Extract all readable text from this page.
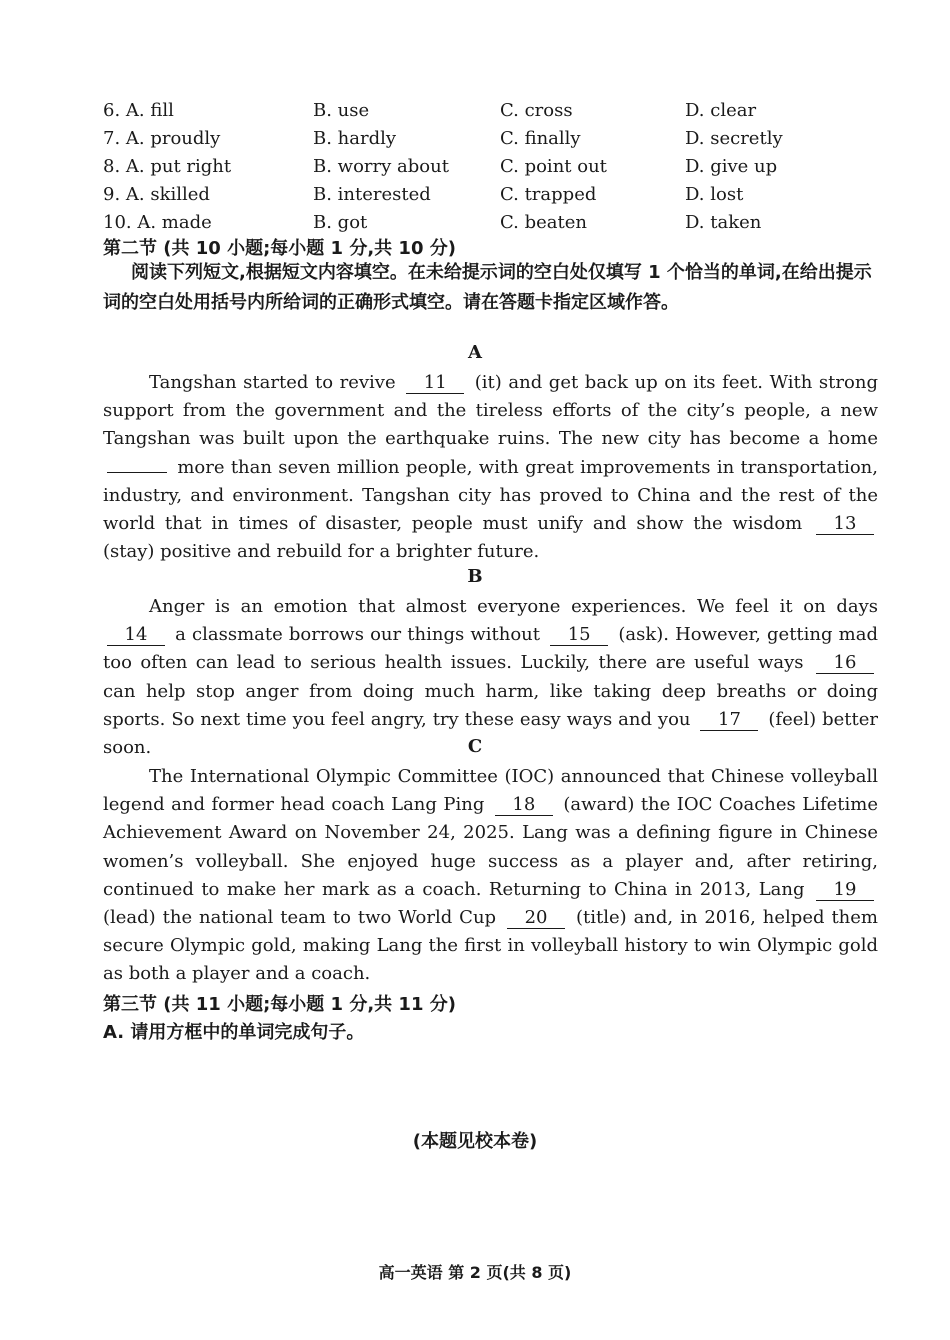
6. A. fill	B. use	C. cross	D. clear
7. A. proudly	B. hardly	C. finally	D. secretly
8. A. put right	B. worry about	C. point out	D. give up
9. A. skilled	B. interested	C. trapped	D. lost
10. A. made	B. got	C. beaten	D. taken
第二节 (共 10 小题;每小题 1 分,共 10 分)
阅读下列短文,根据短文内容填空。在未给提示词的空白处仅填写 1 个恰当的单词,在给出提示词的空白处用括号内所给词的正确形式填空。请在答题卡指定区域作答。
A
Tangshan started to revive 11 (it) and get back up on its feet. With strong support from the government and the tireless efforts of the city’s people, a new Tangshan was built upon the earthquake ruins. The new city has become a home  more than seven million people, with great improvements in transportation, industry, and environment. Tangshan city has proved to China and the rest of the world that in times of disaster, people must unify and show the wisdom 13 (stay) positive and rebuild for a brighter future.
B
Anger is an emotion that almost everyone experiences. We feel it on days 14 a classmate borrows our things without 15 (ask). However, getting mad too often can lead to serious health issues. Luckily, there are useful ways 16 can help stop anger from doing much harm, like taking deep breaths or doing sports. So next time you feel angry, try these easy ways and you 17 (feel) better soon.	C
The International Olympic Committee (IOC) announced that Chinese volleyball legend and former head coach Lang Ping 18 (award) the IOC Coaches Lifetime Achievement Award on November 24, 2025. Lang was a defining figure in Chinese women’s volleyball. She enjoyed huge success as a player and, after retiring, continued to make her mark as a coach. Returning to China in 2013, Lang 19 (lead) the national team to two World Cup 20 (title) and, in 2016, helped them secure Olympic gold, making Lang the first in volleyball history to win Olympic gold as both a player and a coach.
第三节 (共 11 小题;每小题 1 分,共 11 分)
A. 请用方框中的单词完成句子。
(本题见校本卷)
高一英语 第 2 页(共 8 页)
